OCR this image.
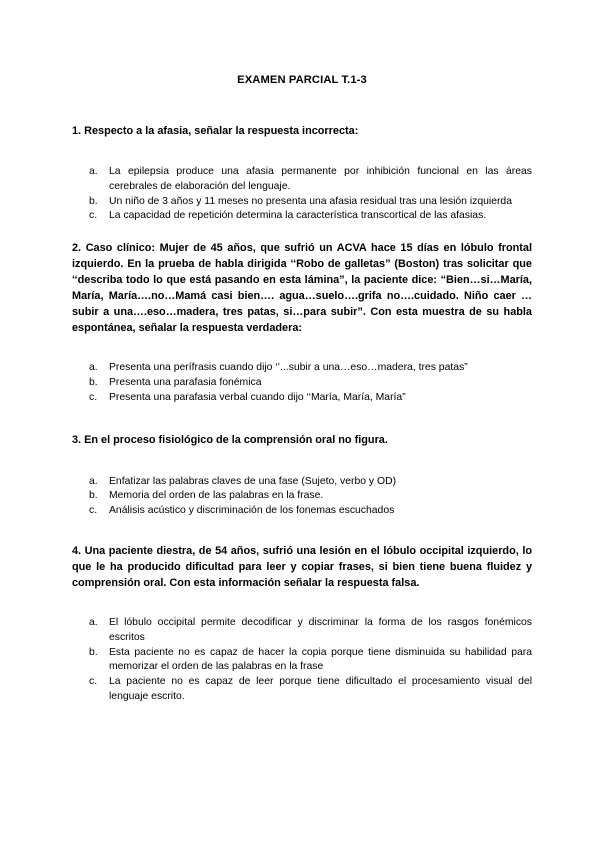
EXAMEN PARCIAL T.1-3

1. Respecto a la afasia, señalar la respuesta incorrecta:

a. La epilepsia produce una afasia permanente por inhibición funcional en las áreas cerebrales de elaboración del lenguaje.
b. Un niño de 3 años y 11 meses no presenta una afasia residual tras una lesión izquierda
c. La capacidad de repetición determina la característica transcortical de las afasias.

2. Caso clínico: Mujer de 45 años, que sufrió un ACVA hace 15 días en lóbulo frontal izquierdo. En la prueba de habla dirigida ‘‘Robo de galletas” (Boston) tras solicitar que ‘‘describa todo lo que está pasando en esta lámina”, la paciente dice: “Bien…si…María, María, María….no…Mamá casi bien…. agua…suelo….grifa no….cuidado. Niño caer … subir a una….eso…madera, tres patas, si…para subir”. Con esta muestra de su habla espontánea, señalar la respuesta verdadera:

a. Presenta una perífrasis cuando dijo ‘’...subir a una…eso…madera, tres patas”
b. Presenta una parafasia fonémica
c. Presenta una parafasia verbal cuando dijo ‘‘María, María, María”

3. En el proceso fisiológico de la comprensión oral no figura.

a. Enfatizar las palabras claves de una fase (Sujeto, verbo y OD)
b. Memoria del orden de las palabras en la frase.
c. Análisis acústico y discriminación de los fonemas escuchados

4. Una paciente diestra, de 54 años, sufrió una lesión en el lóbulo occipital izquierdo, lo que le ha producido dificultad para leer y copiar frases, si bien tiene buena fluidez y comprensión oral. Con esta información señalar la respuesta falsa.

a. El lóbulo occipital permite decodificar y discriminar la forma de los rasgos fonémicos escritos
b. Esta paciente no es capaz de hacer la copia porque tiene disminuida su habilidad para memorizar el orden de las palabras en la frase
c. La paciente no es capaz de leer porque tiene dificultado el procesamiento visual del lenguaje escrito.
